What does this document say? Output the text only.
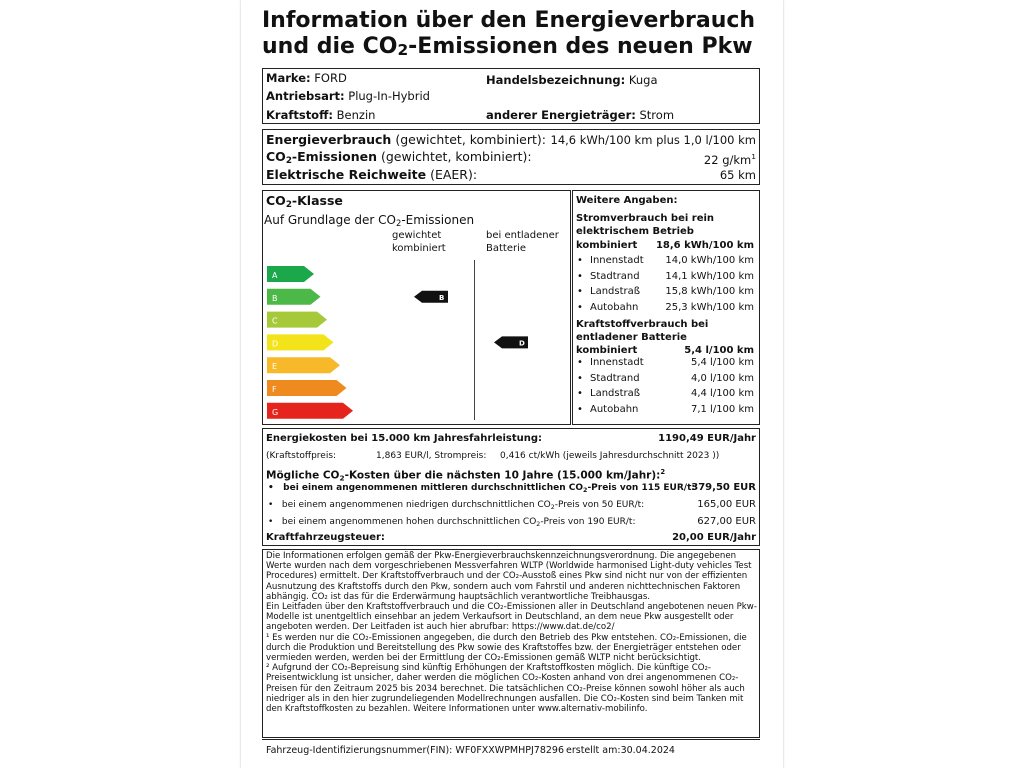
Information über den Energieverbrauch
und die $CO_2$-Emissionen des neuen Pkw
Marke: FORD	Handelsbezeichnung: Kuga
Antriebsart: Plug-In-Hybrid
Kraftstoff: Benzin	anderer Energieträger: Strom
Energieverbrauch (gewichtet, kombiniert): 14,6 kWh/100 km plus 1,0 l/100 km
$CO_2$-Emissionen (gewichtet, kombiniert):	22 $g/km^1$
Elektrische Reichweite (EAER):	65 km
$CO_2$-Klasse
Auf Grundlage der $CO_2$-Emissionen
gewichtet
kombiniert
bei entladener
Batterie
A
B
C
D
E
F
G
B
D
Weitere Angaben:
Stromverbrauch bei rein
elektrischem Betrieb
kombiniert 18,6 kWh/100 km
• Innenstadt 14,0 kWh/100 km
• Stadtrand	14,1 kWh/100 km
• Landstraß	15,8 kWh/100 km
• Autobahn	25,3 kWh/100 km
Kraftstoffverbrauch bei
entladener Batterie
kombiniert	5,4 l/100 km
• Innenstadt	5,4 l/100 km
• Stadtrand	4,0 l/100 km
• Landstraß	4,4 l/100 km
• Autobahn	7,1 l/100 km
Energiekosten bei 15.000 km Jahresfahrleistung:	1190,49 EUR/Jahr
(Kraftstoffpreis:	1,863 EUR/l, Strompreis: 0,416 ct/kWh (jeweils Jahresdurchschnitt 2023 ))
Mögliche $CO_2$-Kosten über die nächsten 10 Jahre (15.000 km/Jahr):$^2$
•   bei einem angenommenen mittleren durchschnittlichen $CO_2$-Preis von 115 EUR/t:
379,50 EUR
•   bei einem angenommenen niedrigen durchschnittlichen $CO_2$-Preis von 50 EUR/t:	165,00 EUR
•   bei einem angenommenen hohen durchschnittlichen $CO_2$-Preis von 190 EUR/t:	627,00 EUR
Kraftfahrzeugsteuer:	20,00 EUR/Jahr
Die Informationen erfolgen gemäß der Pkw-Energieverbrauchskennzeichnungsverordnung. Die angegebenen Werte wurden nach dem vorgeschriebenen Messverfahren WLTP (Worldwide harmonised Light-duty vehicles Test Procedures) ermittelt. Der Kraftstoffverbrauch und der CO₂-Ausstoß eines Pkw sind nicht nur von der effizienten Ausnutzung des Kraftstoffs durch den Pkw, sondern auch vom Fahrstil und anderen nichttechnischen Faktoren abhängig. CO₂ ist das für die Erderwärmung hauptsächlich verantwortliche Treibhausgas.
Ein Leitfaden über den Kraftstoffverbrauch und die CO₂-Emissionen aller in Deutschland angebotenen neuen Pkw-Modelle ist unentgeltlich einsehbar an jedem Verkaufsort in Deutschland, an dem neue Pkw ausgestellt oder angeboten werden. Der Leitfaden ist auch hier abrufbar: https://www.dat.de/co2/
¹ Es werden nur die CO₂-Emissionen angegeben, die durch den Betrieb des Pkw entstehen. CO₂-Emissionen, die durch die Produktion und Bereitstellung des Pkw sowie des Kraftstoffes bzw. der Energieträger entstehen oder vermieden werden, werden bei der Ermittlung der CO₂-Emissionen gemäß WLTP nicht berücksichtigt.
² Aufgrund der CO₂-Bepreisung sind künftig Erhöhungen der Kraftstoffkosten möglich. Die künftige CO₂-Preisentwicklung ist unsicher, daher werden die möglichen CO₂-Kosten anhand von drei angenommenen CO₂-Preisen für den Zeitraum 2025 bis 2034 berechnet. Die tatsächlichen CO₂-Preise können sowohl höher als auch niedriger als in den hier zugrundeliegenden Modellrechnungen ausfallen. Die CO₂-Kosten sind beim Tanken mit den Kraftstoffkosten zu bezahlen. Weitere Informationen unter www.alternativ-mobilinfo.
Fahrzeug-Identifizierungsnummer(FIN): WF0FXXWPMHPJ78296 erstellt am:30.04.2024
